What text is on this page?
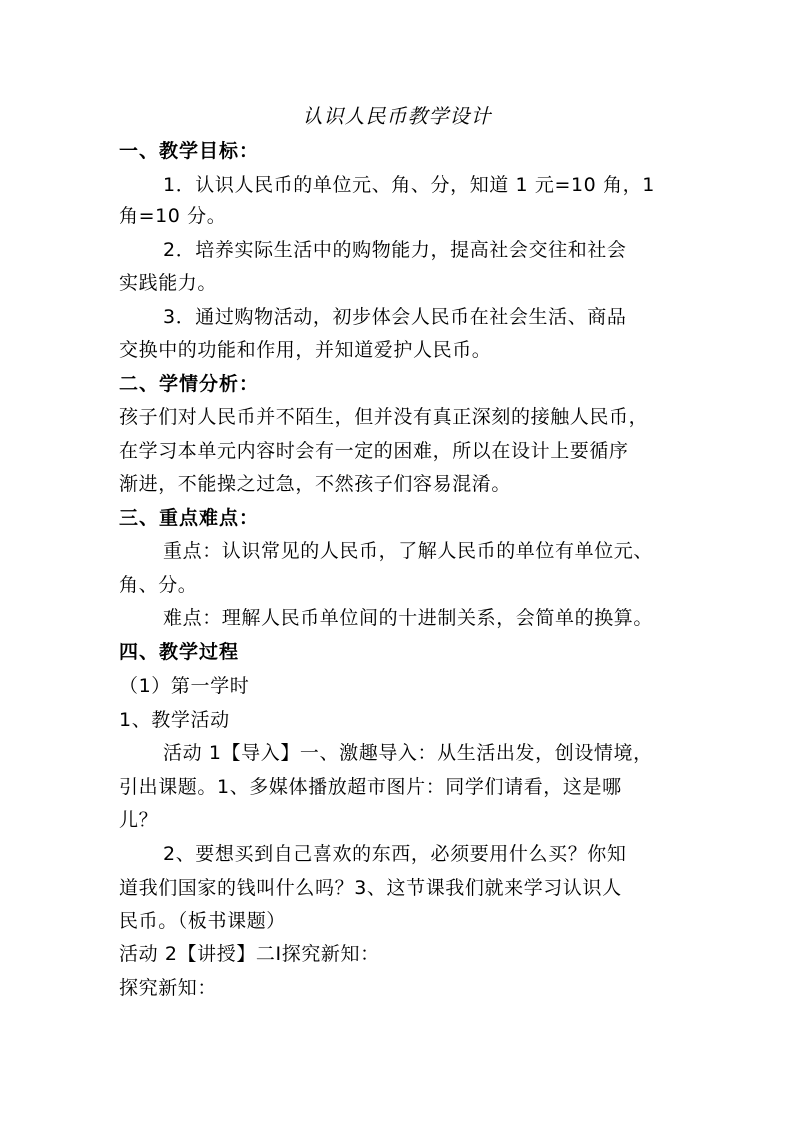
认识人民币教学设计
一、教学目标：
1．认识人民币的单位元、角、分，知道 1 元=10 角，1
角=10 分。
2．培养实际生活中的购物能力，提高社会交往和社会
实践能力。
3．通过购物活动，初步体会人民币在社会生活、商品
交换中的功能和作用，并知道爱护人民币。
二、学情分析：
孩子们对人民币并不陌生，但并没有真正深刻的接触人民币，
在学习本单元内容时会有一定的困难，所以在设计上要循序
渐进，不能操之过急，不然孩子们容易混淆。
三、重点难点：
重点：认识常见的人民币，了解人民币的单位有单位元、
角、分。
难点：理解人民币单位间的十进制关系，会简单的换算。
四、教学过程
（1）第一学时
1、教学活动
活动 1【导入】一、激趣导入：从生活出发，创设情境，
引出课题。1、多媒体播放超市图片：同学们请看，这是哪
儿？
2、要想买到自己喜欢的东西，必须要用什么买？你知
道我们国家的钱叫什么吗？3、这节课我们就来学习认识人
民币。（板书课题）
活动 2【讲授】二Ⅰ探究新知：
探究新知：
